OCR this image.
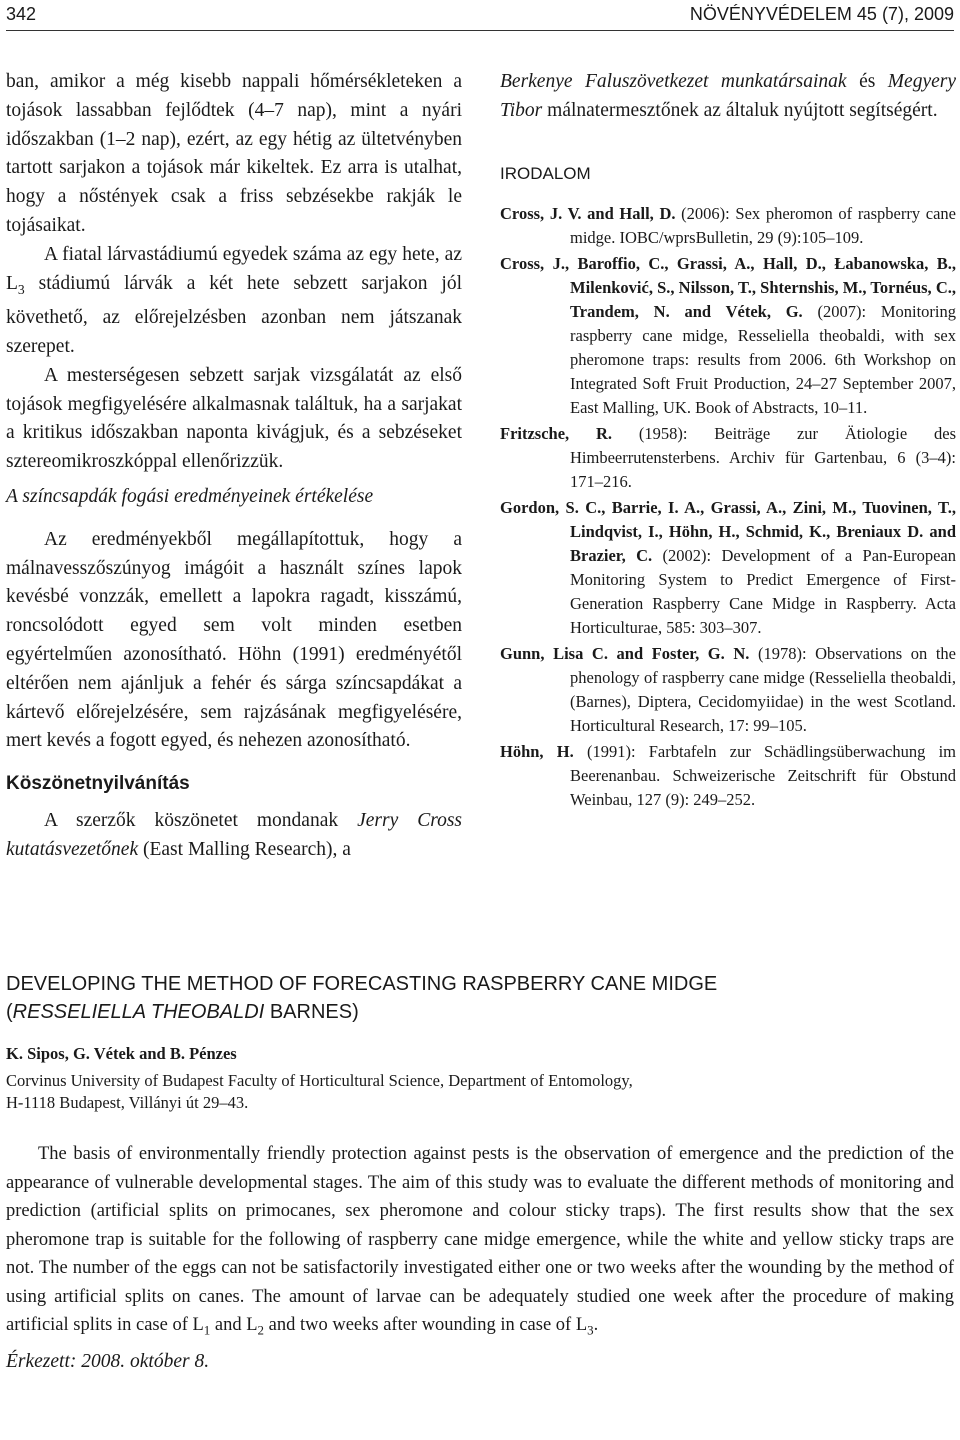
342	NÖVÉNYVÉDELEM 45 (7), 2009

ban, amikor a még kisebb nappali hőmérsékleteken a tojások lassabban fejlődtek (4–7 nap), mint a nyári időszakban (1–2 nap), ezért, az egy hétig az ültetvényben tartott sarjakon a tojások már kikeltek. Ez arra is utalhat, hogy a nőstények csak a friss sebzésekbe rakják le tojásaikat.

A fiatal lárvastádiumú egyedek száma az egy hete, az $L_3$ stádiumú lárvák a két hete sebzett sarjakon jól követhető, az előrejelzésben azonban nem játszanak szerepet.

A mesterségesen sebzett sarjak vizsgálatát az első tojások megfigyelésére alkalmasnak találtuk, ha a sarjakat a kritikus időszakban naponta kivágjuk, és a sebzéseket sztereomikroszkóppal ellenőrizzük.

A színcsapdák fogási eredményeinek értékelése

Az eredményekből megállapítottuk, hogy a málnavesszőszúnyog imágóit a használt színes lapok kevésbé vonzzák, emellett a lapokra ragadt, kisszámú, roncsolódott egyed sem volt minden esetben egyértelműen azonosítható. Höhn (1991) eredményétől eltérően nem ajánljuk a fehér és sárga színcsapdákat a kártevő előrejelzésére, sem rajzásának megfigyelésére, mert kevés a fogott egyed, és nehezen azonosítható.

Köszönetnyilvánítás

A szerzők köszönetet mondanak Jerry Cross kutatásvezetőnek (East Malling Research), a

Berkenye Faluszövetkezet munkatársainak és Megyery Tibor málnatermesztőnek az általuk nyújtott segítségért.

IRODALOM

Cross, J. V. and Hall, D. (2006): Sex pheromon of raspberry cane midge. IOBC/wprsBulletin, 29 (9):105–109.

Cross, J., Baroffio, C., Grassi, A., Hall, D., Łabanowska, B., Milenković, S., Nilsson, T., Shternshis, M., Tornéus, C., Trandem, N. and Vétek, G. (2007): Monitoring raspberry cane midge, Resseliella theobaldi, with sex pheromone traps: results from 2006. 6th Workshop on Integrated Soft Fruit Production, 24–27 September 2007, East Malling, UK. Book of Abstracts, 10–11.

Fritzsche, R. (1958): Beiträge zur Ätiologie des Himbeerrutensterbens. Archiv für Gartenbau, 6 (3–4): 171–216.

Gordon, S. C., Barrie, I. A., Grassi, A., Zini, M., Tuovinen, T., Lindqvist, I., Höhn, H., Schmid, K., Breniaux D. and Brazier, C. (2002): Development of a Pan-European Monitoring System to Predict Emergence of First-Generation Raspberry Cane Midge in Raspberry. Acta Horticulturae, 585: 303–307.

Gunn, Lisa C. and Foster, G. N. (1978): Observations on the phenology of raspberry cane midge (Resseliella theobaldi, (Barnes), Diptera, Cecidomyiidae) in the west Scotland. Horticultural Research, 17: 99–105.

Höhn, H. (1991): Farbtafeln zur Schädlingsüberwachung im Beerenanbau. Schweizerische Zeitschrift für Obstund Weinbau, 127 (9): 249–252.

DEVELOPING THE METHOD OF FORECASTING RASPBERRY CANE MIDGE
(RESSELIELLA THEOBALDI BARNES)

K. Sipos, G. Vétek and B. Pénzes

Corvinus University of Budapest Faculty of Horticultural Science, Department of Entomology,
H-1118 Budapest, Villányi út 29–43.

The basis of environmentally friendly protection against pests is the observation of emergence and the prediction of the appearance of vulnerable developmental stages. The aim of this study was to evaluate the different methods of monitoring and prediction (artificial splits on primocanes, sex pheromone and colour sticky traps). The first results show that the sex pheromone trap is suitable for the following of raspberry cane midge emergence, while the white and yellow sticky traps are not. The number of the eggs can not be satisfactorily investigated either one or two weeks after the wounding by the method of using artificial splits on canes. The amount of larvae can be adequately studied one week after the procedure of making artificial splits in case of $L_1$ and $L_2$ and two weeks after wounding in case of $L_3$.

Érkezett: 2008. október 8.
